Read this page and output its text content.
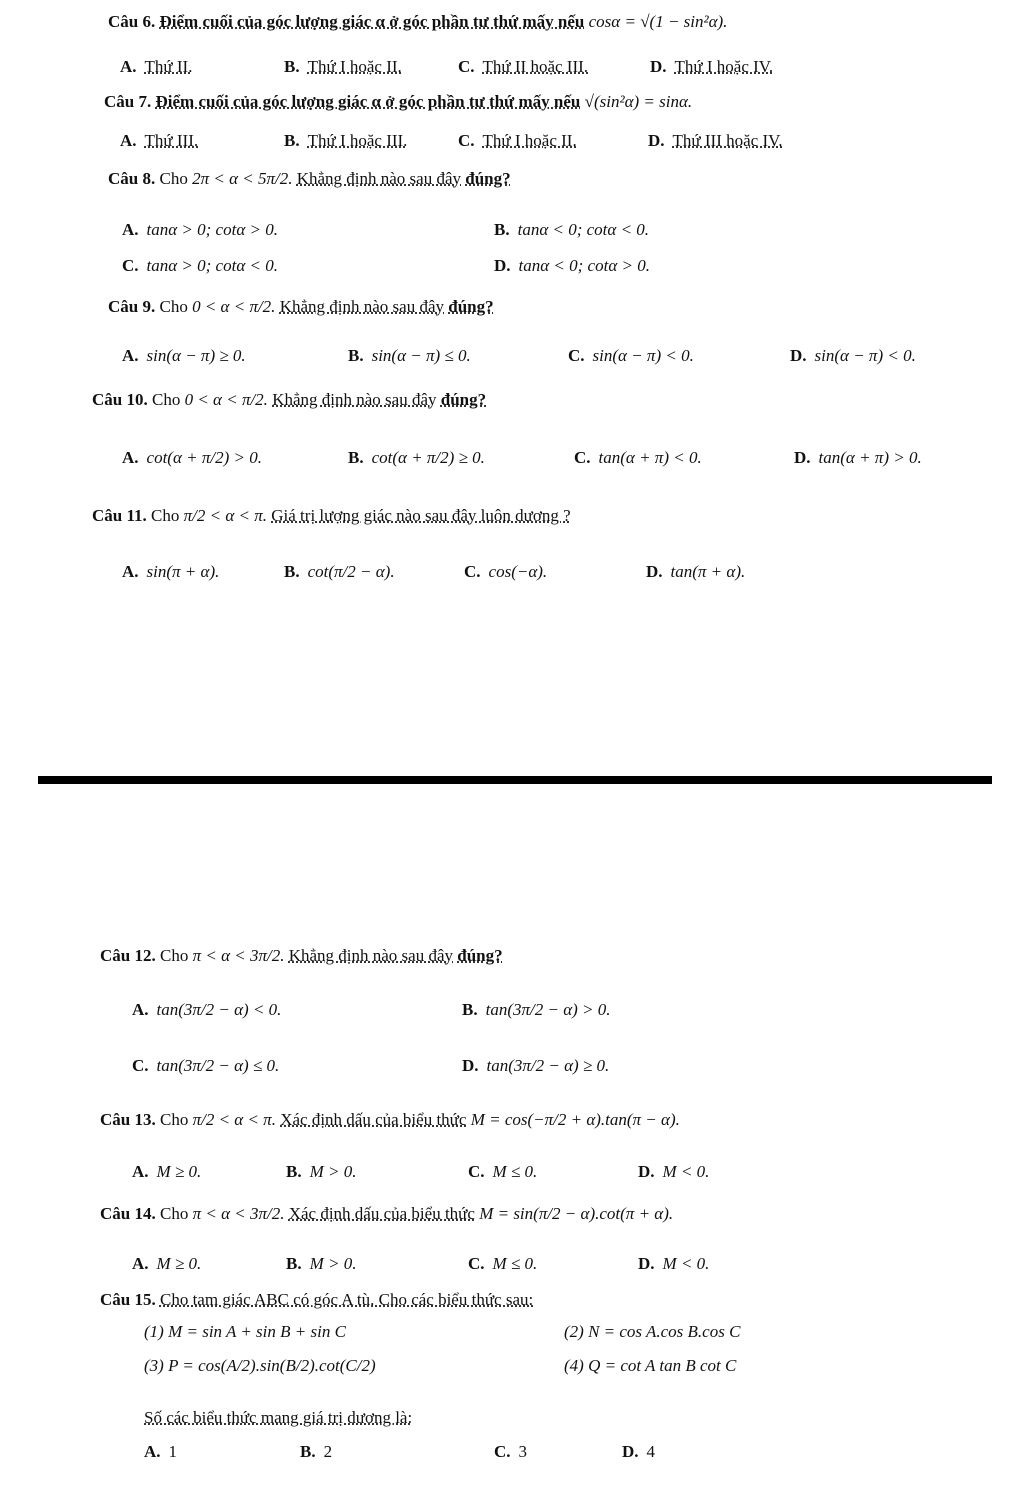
Câu 6. Điểm cuối của góc lượng giác α ở góc phần tư thứ mấy nếu cosα = √(1 − sin²α).
A. Thứ II.	B. Thứ I hoặc II.	C. Thứ II hoặc III.	D. Thứ I hoặc IV.
Câu 7. Điểm cuối của góc lượng giác α ở góc phần tư thứ mấy nếu √(sin²α) = sinα.
A. Thứ III.	B. Thứ I hoặc III.	C. Thứ I hoặc II.	D. Thứ III hoặc IV.
Câu 8. Cho 2π < α < 5π/2. Khẳng định nào sau đây đúng?
A. tanα > 0; cotα > 0.	B. tanα < 0; cotα < 0.
C. tanα > 0; cotα < 0.	D. tanα < 0; cotα > 0.
Câu 9. Cho 0 < α < π/2. Khẳng định nào sau đây đúng?
A. sin(α − π) ≥ 0.	B. sin(α − π) ≤ 0.	C. sin(α − π) < 0.	D. sin(α − π) < 0.
Câu 10. Cho 0 < α < π/2. Khẳng định nào sau đây đúng?
A. cot(α + π/2) > 0.	B. cot(α + π/2) ≥ 0.	C. tan(α + π) < 0.	D. tan(α + π) > 0.
Câu 11. Cho π/2 < α < π. Giá trị lượng giác nào sau đây luôn dương ?
A. sin(π + α).	B. cot(π/2 − α).	C. cos(−α).	D. tan(π + α).
Câu 12. Cho π < α < 3π/2. Khẳng định nào sau đây đúng?
A. tan(3π/2 − α) < 0.	B. tan(3π/2 − α) > 0.
C. tan(3π/2 − α) ≤ 0.	D. tan(3π/2 − α) ≥ 0.
Câu 13. Cho π/2 < α < π. Xác định dấu của biểu thức M = cos(−π/2 + α).tan(π − α).
A. M ≥ 0.	B. M > 0.	C. M ≤ 0.	D. M < 0.
Câu 14. Cho π < α < 3π/2. Xác định dấu của biểu thức M = sin(π/2 − α).cot(π + α).
A. M ≥ 0.	B. M > 0.	C. M ≤ 0.	D. M < 0.
Câu 15. Cho tam giác ABC có góc A tù. Cho các biểu thức sau:
(1) M = sin A + sin B + sin C	(2) N = cos A.cos B.cos C
(3) P = cos(A/2).sin(B/2).cot(C/2)	(4) Q = cot A tan B cot C
Số các biểu thức mang giá trị dương là:
A. 1	B. 2	C. 3	D. 4
